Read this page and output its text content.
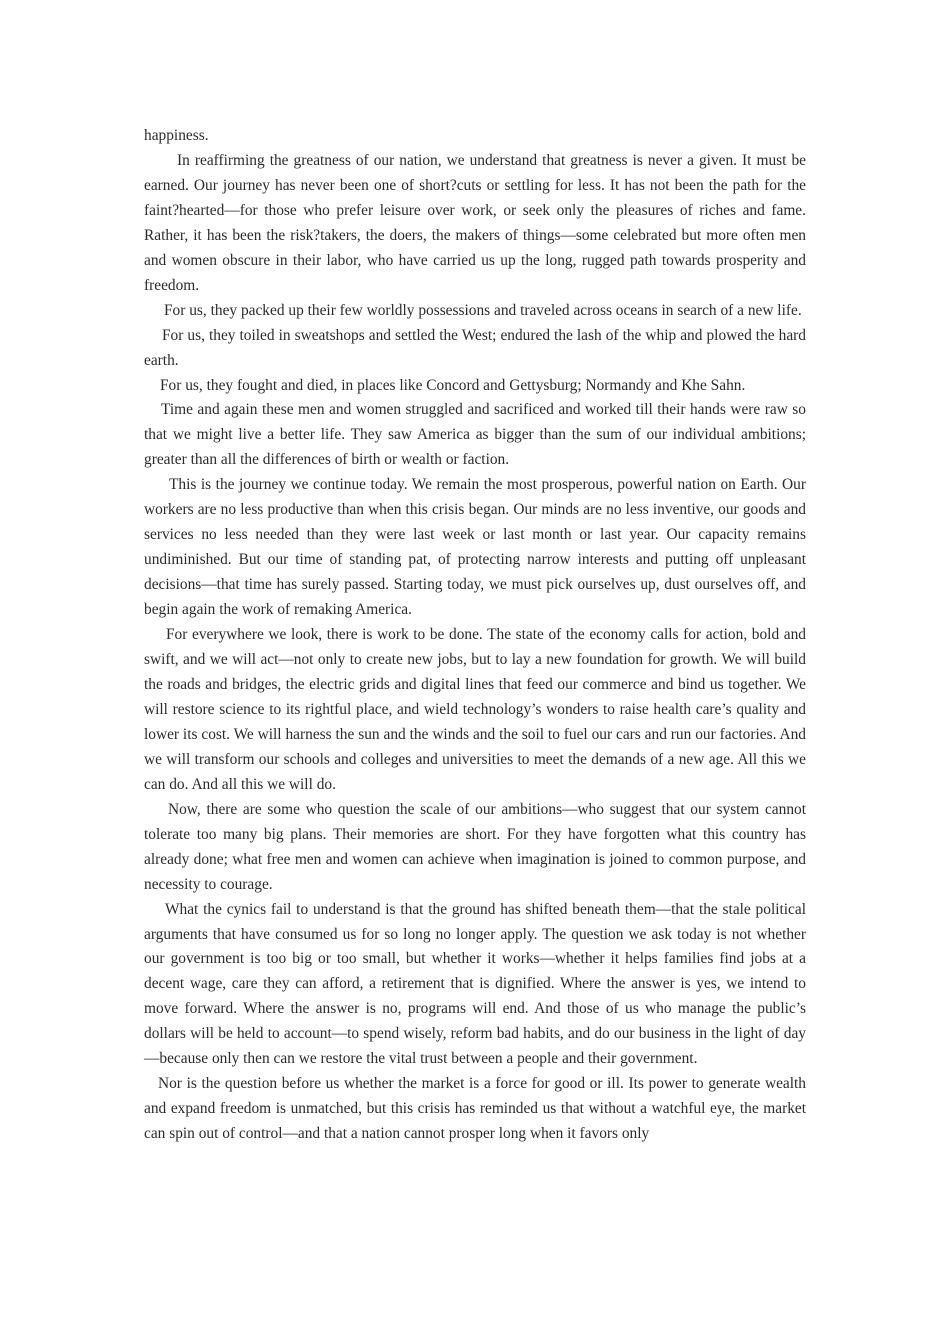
happiness.

In reaffirming the greatness of our nation, we understand that greatness is never a given. It must be earned. Our journey has never been one of short?cuts or settling for less. It has not been the path for the faint?hearted—for those who prefer leisure over work, or seek only the pleasures of riches and fame. Rather, it has been the risk?takers, the doers, the makers of things—some celebrated but more often men and women obscure in their labor, who have carried us up the long, rugged path towards prosperity and freedom.

For us, they packed up their few worldly possessions and traveled across oceans in search of a new life.

For us, they toiled in sweatshops and settled the West; endured the lash of the whip and plowed the hard earth.

For us, they fought and died, in places like Concord and Gettysburg; Normandy and Khe Sahn.

Time and again these men and women struggled and sacrificed and worked till their hands were raw so that we might live a better life. They saw America as bigger than the sum of our individual ambitions; greater than all the differences of birth or wealth or faction.

This is the journey we continue today. We remain the most prosperous, powerful nation on Earth. Our workers are no less productive than when this crisis began. Our minds are no less inventive, our goods and services no less needed than they were last week or last month or last year. Our capacity remains undiminished. But our time of standing pat, of protecting narrow interests and putting off unpleasant decisions—that time has surely passed. Starting today, we must pick ourselves up, dust ourselves off, and begin again the work of remaking America.

For everywhere we look, there is work to be done. The state of the economy calls for action, bold and swift, and we will act—not only to create new jobs, but to lay a new foundation for growth. We will build the roads and bridges, the electric grids and digital lines that feed our commerce and bind us together. We will restore science to its rightful place, and wield technology’s wonders to raise health care’s quality and lower its cost. We will harness the sun and the winds and the soil to fuel our cars and run our factories. And we will transform our schools and colleges and universities to meet the demands of a new age. All this we can do. And all this we will do.

Now, there are some who question the scale of our ambitions—who suggest that our system cannot tolerate too many big plans. Their memories are short. For they have forgotten what this country has already done; what free men and women can achieve when imagination is joined to common purpose, and necessity to courage.

What the cynics fail to understand is that the ground has shifted beneath them—that the stale political arguments that have consumed us for so long no longer apply. The question we ask today is not whether our government is too big or too small, but whether it works—whether it helps families find jobs at a decent wage, care they can afford, a retirement that is dignified. Where the answer is yes, we intend to move forward. Where the answer is no, programs will end. And those of us who manage the public’s dollars will be held to account—to spend wisely, reform bad habits, and do our business in the light of day—because only then can we restore the vital trust between a people and their government.

Nor is the question before us whether the market is a force for good or ill. Its power to generate wealth and expand freedom is unmatched, but this crisis has reminded us that without a watchful eye, the market can spin out of control—and that a nation cannot prosper long when it favors only
